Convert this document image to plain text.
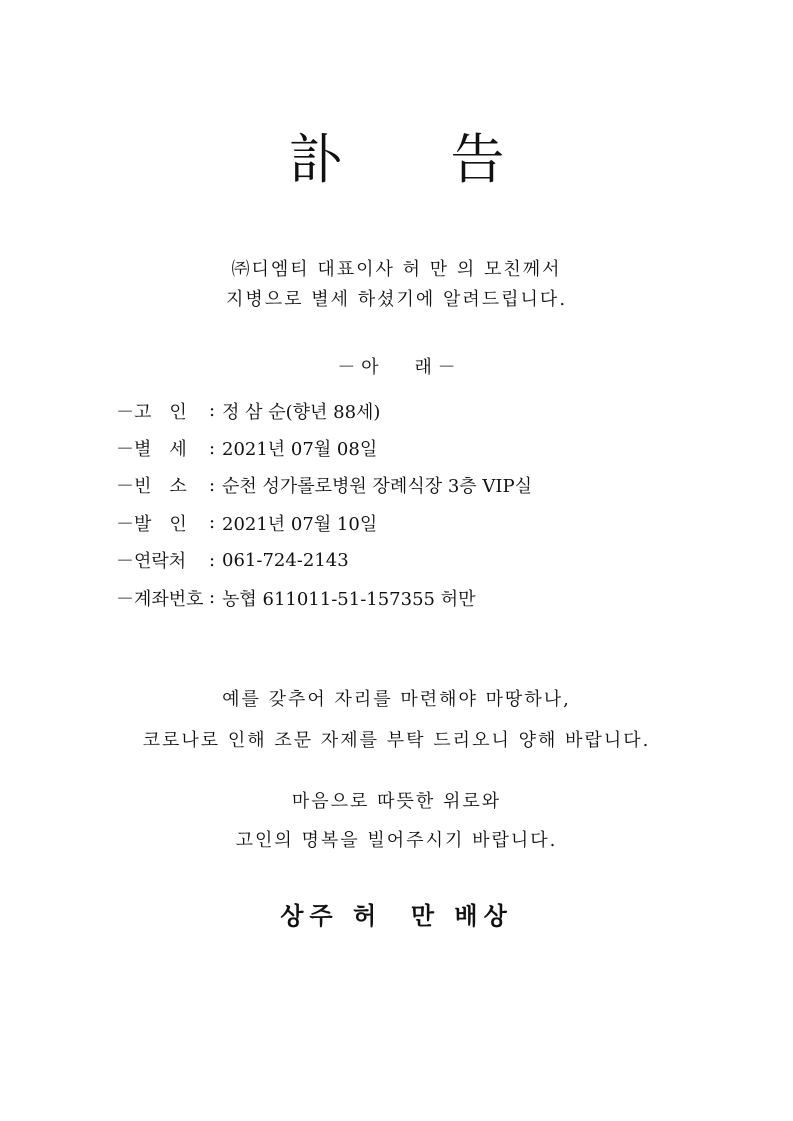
訃　　告
㈜디엠티 대표이사 허 만 의 모친께서
지병으로 별세 하셨기에 알려드립니다.
－ 아　　래 －
－고　인	: 정 삼 순(향년 88세)
－별　세	: 2021년 07월 08일
－빈　소	: 순천 성가롤로병원 장례식장 3층 VIP실
－발　인	: 2021년 07월 10일
－연락처	: 061-724-2143
－계좌번호 : 농협 611011-51-157355 허만
예를 갖추어 자리를 마련해야 마땅하나,
코로나로 인해 조문 자제를 부탁 드리오니 양해 바랍니다.
마음으로 따뜻한 위로와
고인의 명복을 빌어주시기 바랍니다.
상주 허  만 배상
